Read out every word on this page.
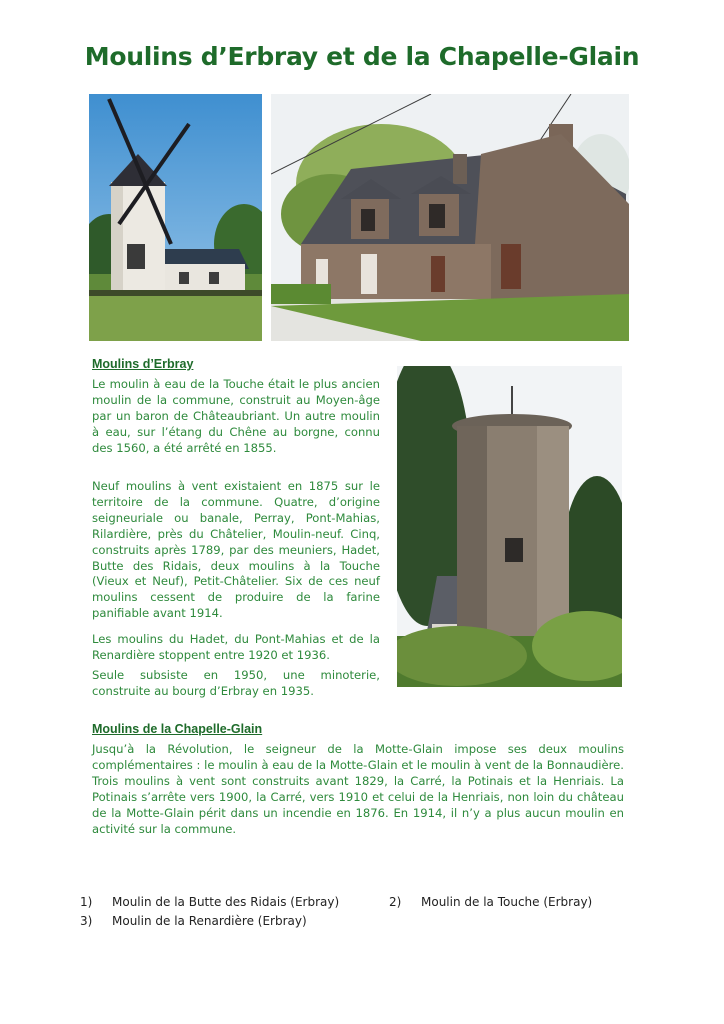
Moulins d’Erbray et de la Chapelle-Glain

Moulins d’Erbray

Le moulin à eau de la Touche était le plus ancien moulin de la commune, construit au Moyen-âge par un baron de Châteaubriant. Un autre moulin à eau, sur l’étang du Chêne au borgne, connu des 1560, a été arrêté en 1855.

Neuf moulins à vent existaient en 1875 sur le territoire de la commune. Quatre, d’origine seigneuriale ou banale, Perray, Pont-Mahias, Rilardière, près du Châtelier, Moulin-neuf. Cinq, construits après 1789, par des meuniers, Hadet, Butte des Ridais, deux moulins à la Touche (Vieux et Neuf), Petit-Châtelier. Six de ces neuf moulins cessent de produire de la farine panifiable avant 1914.

Les moulins du Hadet, du Pont-Mahias et de la Renardière stoppent entre 1920 et 1936.

Seule subsiste en 1950, une minoterie, construite au bourg d’Erbray en 1935.

Moulins de la Chapelle-Glain

Jusqu’à la Révolution, le seigneur de la Motte-Glain impose ses deux moulins complémentaires : le moulin à eau de la Motte-Glain et le moulin à vent de la Bonnaudière. Trois moulins à vent sont construits avant 1829, la Carré, la Potinais et la Henriais. La Potinais s’arrête vers 1900, la Carré, vers 1910 et celui de la Henriais, non loin du château de la Motte-Glain périt dans un incendie en 1876. En 1914, il n’y a plus aucun moulin en activité sur la commune.

1) Moulin de la Butte des Ridais (Erbray)	2) Moulin de la Touche (Erbray)
3) Moulin de la Renardière (Erbray)
